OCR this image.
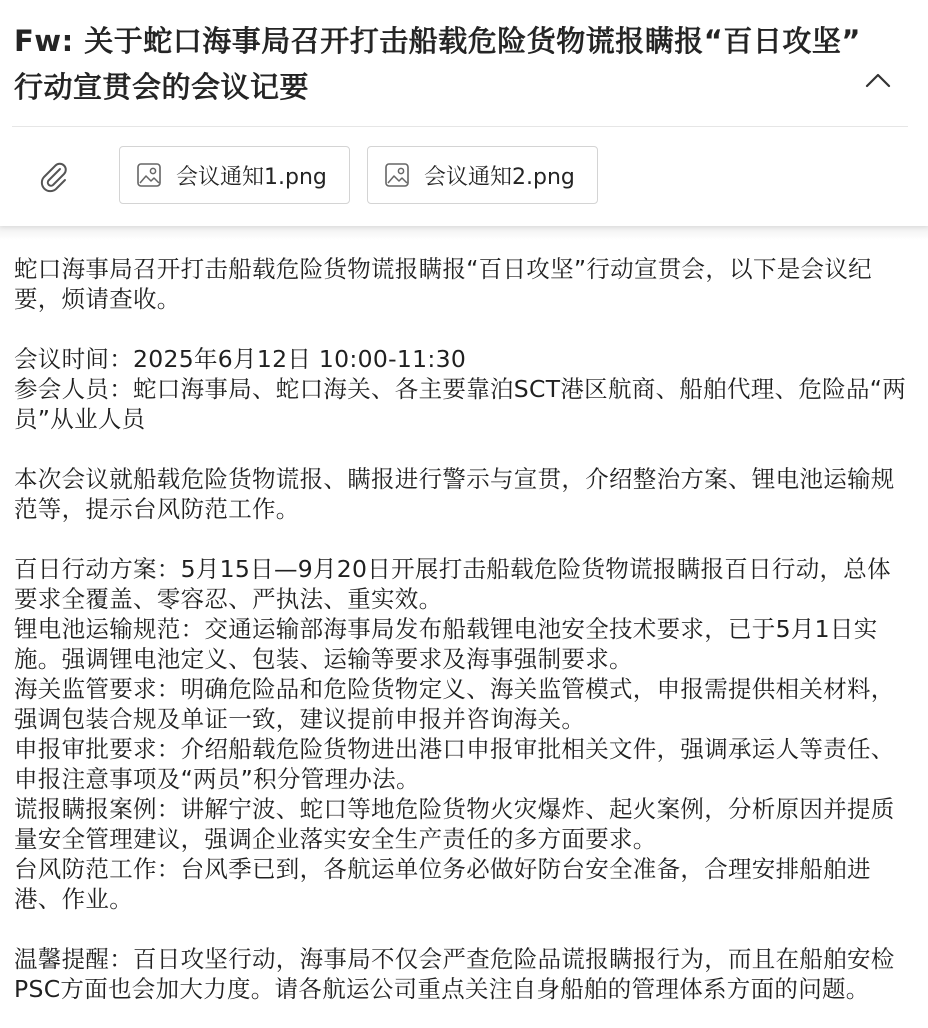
Fw: 关于蛇口海事局召开打击船载危险货物谎报瞒报“百日攻坚”
行动宣贯会的会议记要
会议通知1.png	会议通知2.png

蛇口海事局召开打击船载危险货物谎报瞒报“百日攻坚”行动宣贯会，以下是会议纪要，烦请查收。

会议时间：2025年6月12日 10:00-11:30

参会人员：蛇口海事局、蛇口海关、各主要靠泊SCT港区航商、船舶代理、危险品“两员”从业人员

本次会议就船载危险货物谎报、瞒报进行警示与宣贯，介绍整治方案、锂电池运输规范等，提示台风防范工作。

百日行动方案：5月15日—9月20日开展打击船载危险货物谎报瞒报百日行动，总体要求全覆盖、零容忍、严执法、重实效。

锂电池运输规范：交通运输部海事局发布船载锂电池安全技术要求，已于5月1日实施。强调锂电池定义、包装、运输等要求及海事强制要求。

海关监管要求：明确危险品和危险货物定义、海关监管模式，申报需提供相关材料，强调包装合规及单证一致，建议提前申报并咨询海关。

申报审批要求：介绍船载危险货物进出港口申报审批相关文件，强调承运人等责任、申报注意事项及“两员”积分管理办法。

谎报瞒报案例：讲解宁波、蛇口等地危险货物火灾爆炸、起火案例，分析原因并提质量安全管理建议，强调企业落实安全生产责任的多方面要求。

台风防范工作：台风季已到，各航运单位务必做好防台安全准备，合理安排船舶进港、作业。

温馨提醒：百日攻坚行动，海事局不仅会严查危险品谎报瞒报行为，而且在船舶安检PSC方面也会加大力度。请各航运公司重点关注自身船舶的管理体系方面的问题。
